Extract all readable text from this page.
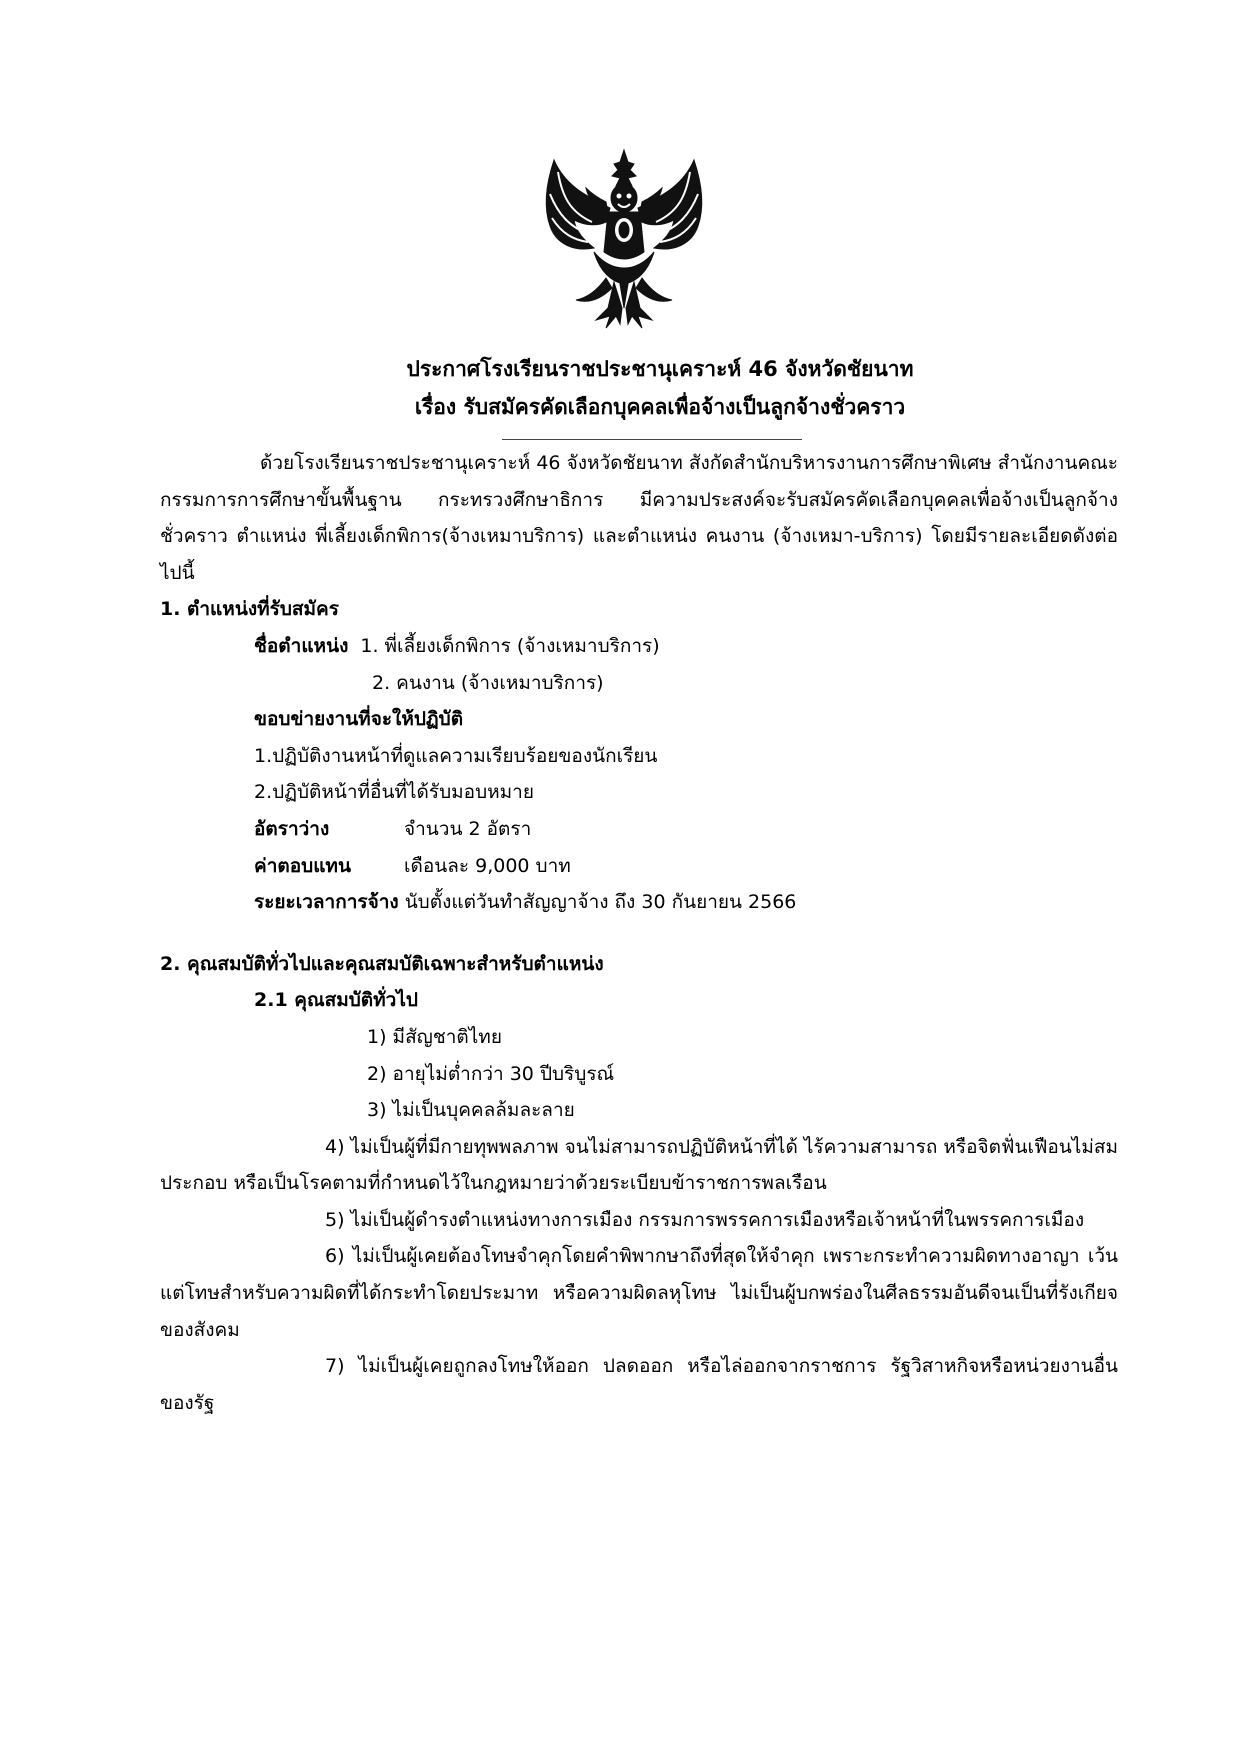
ประกาศโรงเรียนราชประชานุเคราะห์ 46 จังหวัดชัยนาท

เรื่อง รับสมัครคัดเลือกบุคคลเพื่อจ้างเป็นลูกจ้างชั่วคราว

ด้วยโรงเรียนราชประชานุเคราะห์ 46 จังหวัดชัยนาท สังกัดสำนักบริหารงานการศึกษาพิเศษ สำนักงานคณะกรรมการการศึกษาขั้นพื้นฐาน กระทรวงศึกษาธิการ มีความประสงค์จะรับสมัครคัดเลือกบุคคลเพื่อจ้างเป็นลูกจ้างชั่วคราว ตำแหน่ง พี่เลี้ยงเด็กพิการ(จ้างเหมาบริการ) และตำแหน่ง คนงาน (จ้างเหมา-บริการ) โดยมีรายละเอียดดังต่อไปนี้

1. ตำแหน่งที่รับสมัคร

ชื่อตำแหน่ง 1. พี่เลี้ยงเด็กพิการ (จ้างเหมาบริการ)
2. คนงาน (จ้างเหมาบริการ)

ขอบข่ายงานที่จะให้ปฏิบัติ

1.ปฏิบัติงานหน้าที่ดูแลความเรียบร้อยของนักเรียน

2.ปฏิบัติหน้าที่อื่นที่ได้รับมอบหมาย

อัตราว่าง	จำนวน 2 อัตรา
ค่าตอบแทน	เดือนละ 9,000 บาท
ระยะเวลาการจ้าง นับตั้งแต่วันทำสัญญาจ้าง ถึง 30 กันยายน 2566

2. คุณสมบัติทั่วไปและคุณสมบัติเฉพาะสำหรับตำแหน่ง

2.1 คุณสมบัติทั่วไป

1) มีสัญชาติไทย

2) อายุไม่ต่ำกว่า 30 ปีบริบูรณ์

3) ไม่เป็นบุคคลล้มละลาย

4) ไม่เป็นผู้ที่มีกายทุพพลภาพ จนไม่สามารถปฏิบัติหน้าที่ได้ ไร้ความสามารถ หรือจิตฟั่นเฟือนไม่สมประกอบ หรือเป็นโรคตามที่กำหนดไว้ในกฎหมายว่าด้วยระเบียบข้าราชการพลเรือน

5) ไม่เป็นผู้ดำรงตำแหน่งทางการเมือง กรรมการพรรคการเมืองหรือเจ้าหน้าที่ในพรรคการเมือง

6) ไม่เป็นผู้เคยต้องโทษจำคุกโดยคำพิพากษาถึงที่สุดให้จำคุก เพราะกระทำความผิดทางอาญา เว้นแต่โทษสำหรับความผิดที่ได้กระทำโดยประมาท หรือความผิดลหุโทษ ไม่เป็นผู้บกพร่องในศีลธรรมอันดีจนเป็นที่รังเกียจของสังคม

7) ไม่เป็นผู้เคยถูกลงโทษให้ออก ปลดออก หรือไล่ออกจากราชการ รัฐวิสาหกิจหรือหน่วยงานอื่นของรัฐ
